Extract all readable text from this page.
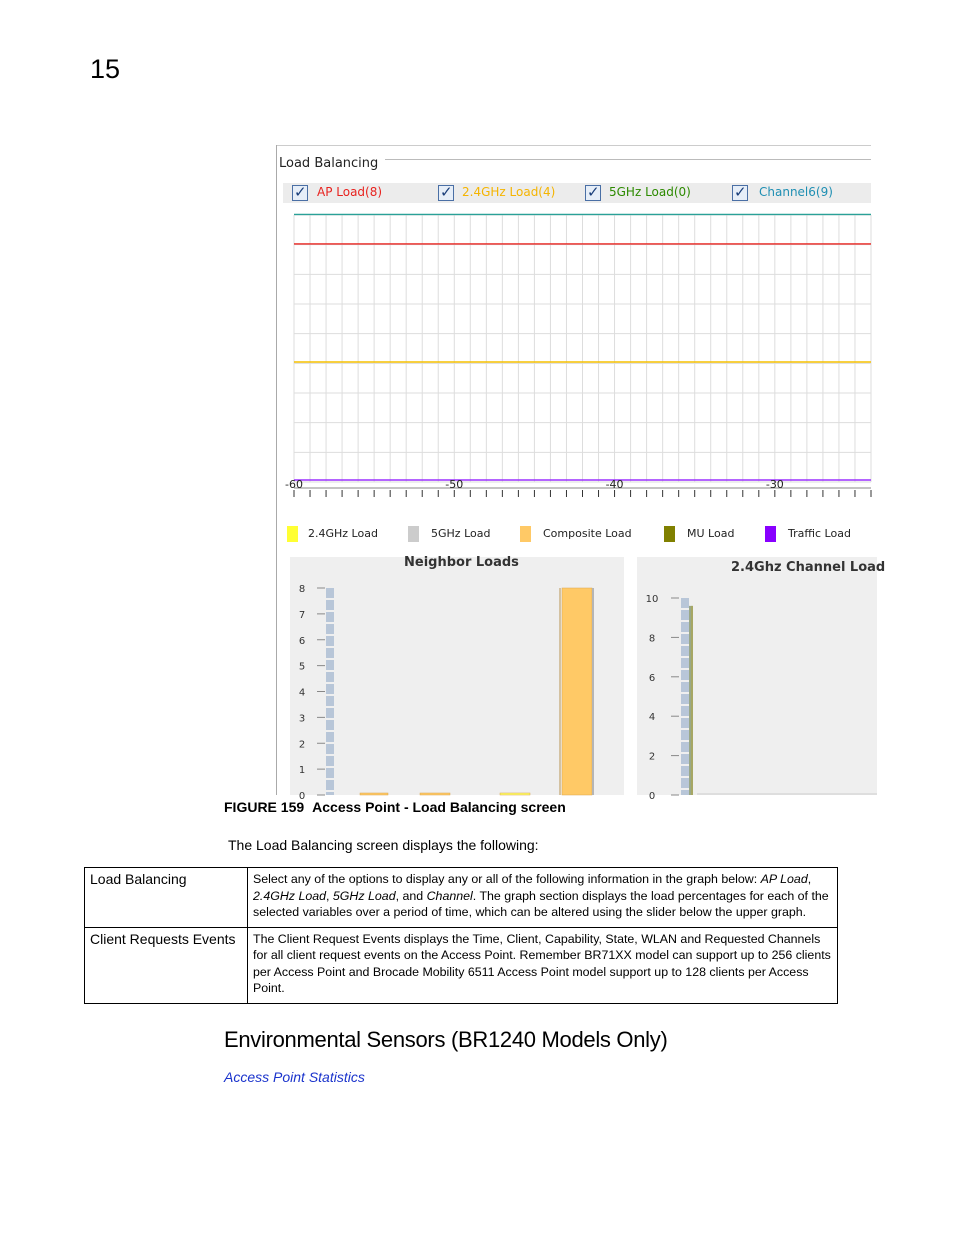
15
Load Balancing
✓
AP Load(8) ✓	2.4GHz Load(4) ✓	5GHz Load(0) ✓	Channel6(9)
-60	-50	-40	-30
2.4GHz Load	5GHz Load	Composite Load	MU Load	Traffic Load
Neighbor Loads
8
7
6
5
4
3
2
1
0
2.4Ghz Channel Load
10
8
6
4
2
0
FIGURE 159 Access Point - Load Balancing screen
The Load Balancing screen displays the following:
Load Balancing	Select any of the options to display any or all of the following information in the graph below: AP Load, 2.4GHz Load, 5GHz Load, and Channel. The graph section displays the load percentages for each of the selected variables over a period of time, which can be altered using the slider below the upper graph.
Client Requests Events	The Client Request Events displays the Time, Client, Capability, State, WLAN and Requested Channels for all client request events on the Access Point. Remember BR71XX model can support up to 256 clients per Access Point and Brocade Mobility 6511 Access Point model support up to 128 clients per Access Point.
Environmental Sensors (BR1240 Models Only)
Access Point Statistics
